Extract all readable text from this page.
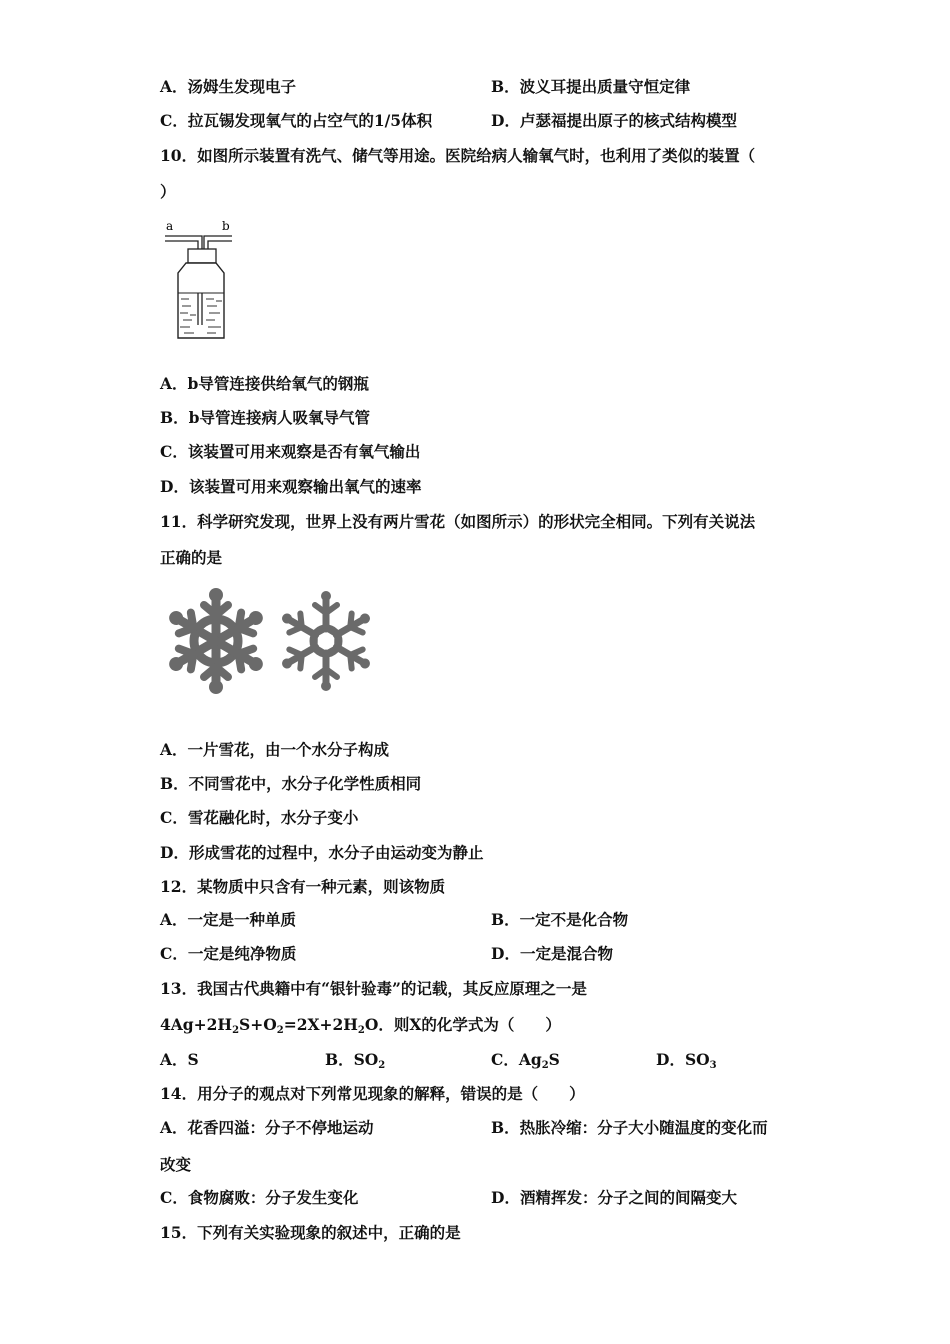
A．汤姆生发现电子	B．波义耳提出质量守恒定律
C．拉瓦锡发现氧气的占空气的1/5体积	D．卢瑟福提出原子的核式结构模型
10．如图所示装置有洗气、储气等用途。医院给病人输氧气时，也利用了类似的装置（
）
a	b
A．b导管连接供给氧气的钢瓶
B．b导管连接病人吸氧导气管
C．该装置可用来观察是否有氧气输出
D．该装置可用来观察输出氧气的速率
11．科学研究发现，世界上没有两片雪花（如图所示）的形状完全相同。下列有关说法
正确的是
A．一片雪花，由一个水分子构成
B．不同雪花中，水分子化学性质相同
C．雪花融化时，水分子变小
D．形成雪花的过程中，水分子由运动变为静止
12．某物质中只含有一种元素，则该物质
A．一定是一种单质	B．一定不是化合物
C．一定是纯净物质	D．一定是混合物
13．我国古代典籍中有“银针验毒”的记载，其反应原理之一是
$4Ag+2H_2S+O_2=2X+2H_2O$．则X的化学式为（　　）
A．S	B．$SO_2$	C．$Ag_2S$	D．$SO_3$
14．用分子的观点对下列常见现象的解释，错误的是（　　）
A．花香四溢：分子不停地运动	B．热胀冷缩：分子大小随温度的变化而
改变
C．食物腐败：分子发生变化	D．酒精挥发：分子之间的间隔变大
15．下列有关实验现象的叙述中，正确的是
